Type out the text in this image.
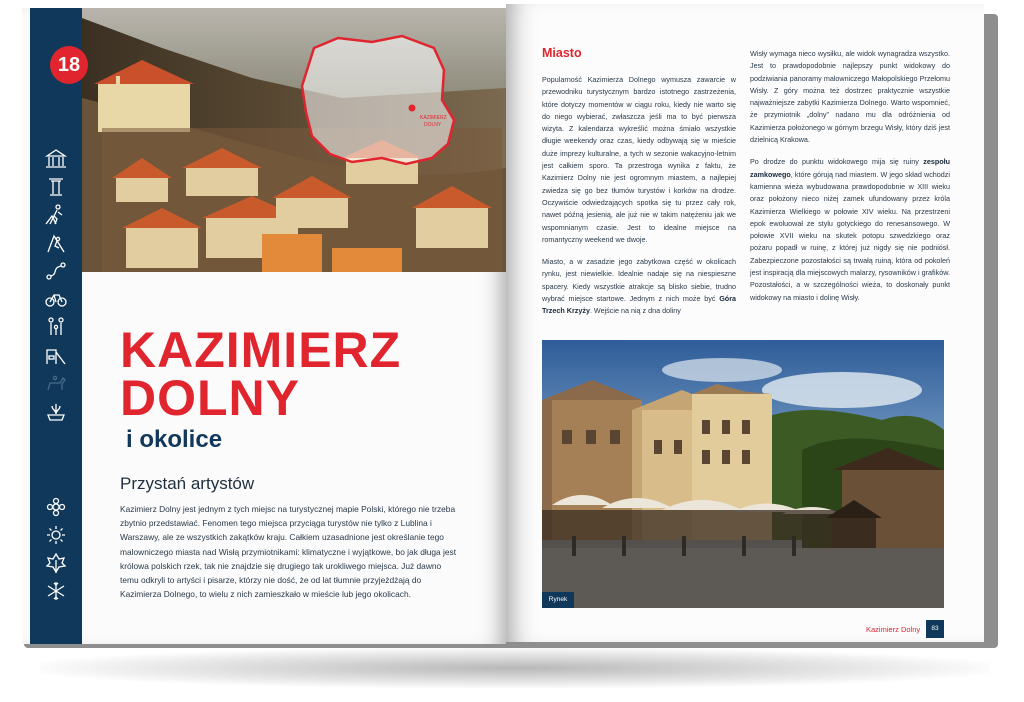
KAZIMIERZ
DOLNY
18
KAZIMIERZ
DOLNY
i okolice
Przystań artystów
Kazimierz Dolny jest jednym z tych miejsc na turystycznej mapie Polski, którego nie trzeba zbytnio przedstawiać. Fenomen tego miejsca przyciąga turystów nie tylko z Lublina i Warszawy, ale ze wszystkich zakątków kraju. Całkiem uzasadnione jest określanie tego malowniczego miasta nad Wisłą przymiotnikami: klimatyczne i wyjątkowe, bo jak długa jest królowa polskich rzek, tak nie znajdzie się drugiego tak urokliwego miejsca. Już dawno temu odkryli to artyści i pisarze, którzy nie dość, że od lat tłumnie przyjeżdżają do Kazimierza Dolnego, to wielu z nich zamieszkało w mieście lub jego okolicach.
Miasto

Popularność Kazimierza Dolnego wymusza zawarcie w przewodniku turystycznym bardzo istotnego zastrzeżenia, które dotyczy momentów w ciągu roku, kiedy nie warto się do niego wybierać, zwłaszcza jeśli ma to być pierwsza wizyta. Z kalendarza wykreślić można śmiało wszystkie długie weekendy oraz czas, kiedy odbywają się w mieście duże imprezy kulturalne, a tych w sezonie wakacyjno-letnim jest całkiem sporo. Ta przestroga wynika z faktu, że Kazimierz Dolny nie jest ogromnym miastem, a najlepiej zwiedza się go bez tłumów turystów i korków na drodze. Oczywiście odwiedzających spotka się tu przez cały rok, nawet późną jesienią, ale już nie w takim natężeniu jak we wspomnianym czasie. Jest to idealne miejsce na romantyczny weekend we dwoje.

Miasto, a w zasadzie jego zabytkowa część w okolicach rynku, jest niewielkie. Idealnie nadaje się na niespieszne spacery. Kiedy wszystkie atrakcje są blisko siebie, trudno wybrać miejsce startowe. Jednym z nich może być Góra Trzech Krzyży. Wejście na nią z dna doliny

Wisły wymaga nieco wysiłku, ale widok wynagradza wszystko. Jest to prawdopodobnie najlepszy punkt widokowy do podziwiania panoramy malowniczego Małopolskiego Przełomu Wisły. Z góry można też dostrzec praktycznie wszystkie najważniejsze zabytki Kazimierza Dolnego. Warto wspomnieć, że przymiotnik „dolny” nadano mu dla odróżnienia od Kazimierza położonego w górnym brzegu Wisły, który dziś jest dzielnicą Krakowa.

Po drodze do punktu widokowego mija się ruiny zespołu zamkowego, które górują nad miastem. W jego skład wchodzi kamienna wieża wybudowana prawdopodobnie w XIII wieku oraz położony nieco niżej zamek ufundowany przez króla Kazimierza Wielkiego w połowie XIV wieku. Na przestrzeni epok ewoluował ze stylu gotyckiego do renesansowego. W połowie XVII wieku na skutek potopu szwedzkiego oraz pożaru popadł w ruinę, z której już nigdy się nie podniósł. Zabezpieczone pozostałości są trwałą ruiną, która od pokoleń jest inspiracją dla miejscowych malarzy, rysowników i grafików. Pozostałości, a w szczególności wieża, to doskonały punkt widokowy na miasto i dolinę Wisły.

Rynek
Kazimierz Dolny	83
